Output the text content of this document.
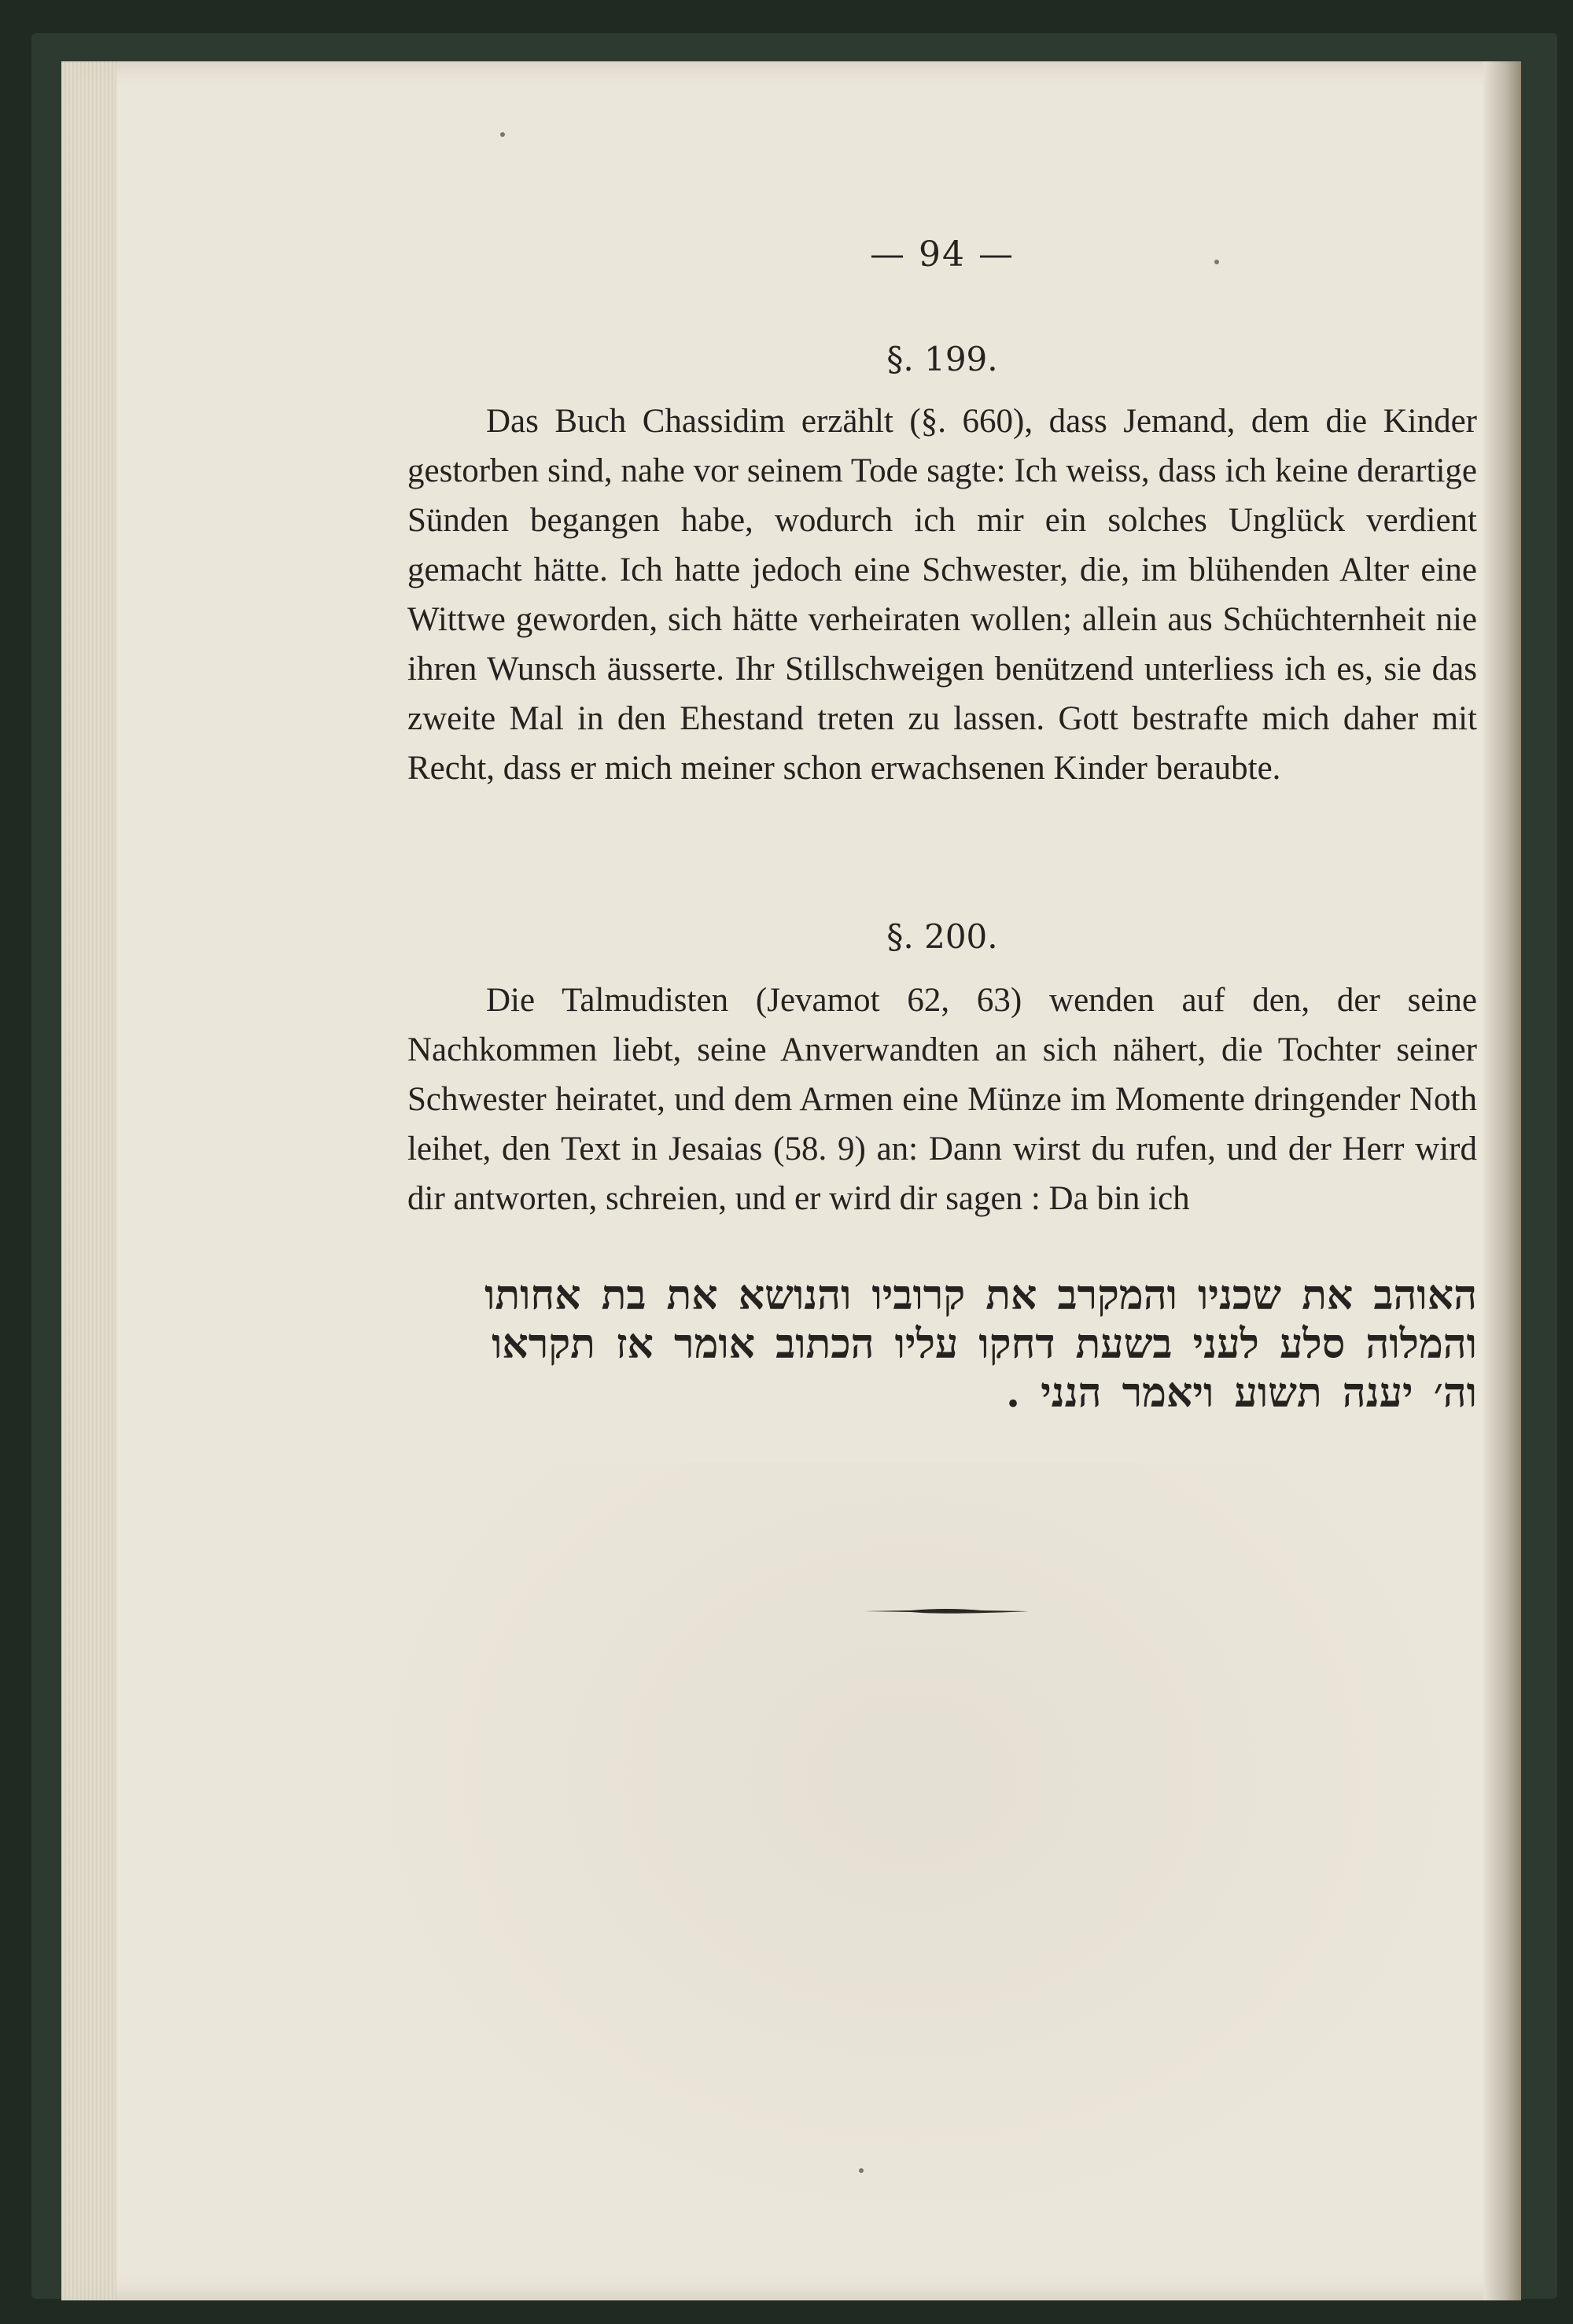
— 94 —
§. 199.
Das Buch Chassidim erzählt (§. 660), dass Jemand, dem die Kinder gestorben sind, nahe vor seinem Tode sagte: Ich weiss, dass ich keine derartige Sünden begangen habe, wodurch ich mir ein solches Unglück verdient gemacht hätte. Ich hatte jedoch eine Schwester, die, im blühenden Alter eine Wittwe geworden, sich hätte verheiraten wollen; allein aus Schüchternheit nie ihren Wunsch äusserte. Ihr Stillschweigen benützend unterliess ich es, sie das zweite Mal in den Ehestand treten zu lassen. Gott bestrafte mich daher mit Recht, dass er mich meiner schon erwachsenen Kinder beraubte.
§. 200.
Die Talmudisten (Jevamot 62, 63) wenden auf den, der seine Nachkommen liebt, seine Anverwandten an sich nähert, die Tochter seiner Schwester heiratet, und dem Armen eine Münze im Momente dringender Noth leihet, den Text in Jesaias (58. 9) an: Dann wirst du rufen, und der Herr wird dir antworten, schreien, und er wird dir sagen : Da bin ich
האוהב את שכניו והמקרב את קרוביו והנושא את בת אחותו
והמלוה סלע לעני בשעת דחקו עליו הכתוב אומר אז תקראו
וה׳ יענה תשוע ויאמר הנני .
